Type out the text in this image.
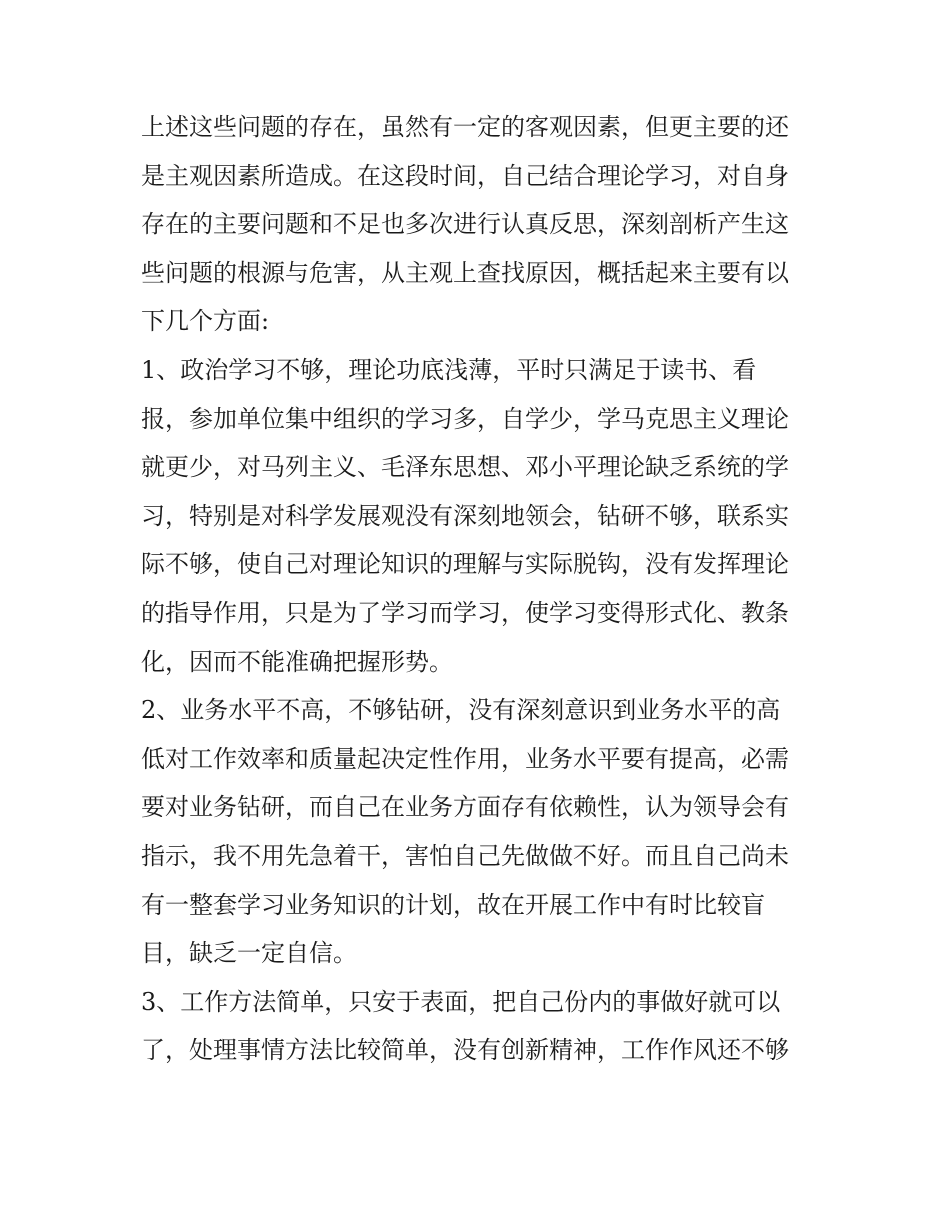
上述这些问题的存在，虽然有一定的客观因素，但更主要的还
是主观因素所造成。在这段时间，自己结合理论学习，对自身
存在的主要问题和不足也多次进行认真反思，深刻剖析产生这
些问题的根源与危害，从主观上查找原因，概括起来主要有以
下几个方面:
1、政治学习不够，理论功底浅薄，平时只满足于读书、看
报，参加单位集中组织的学习多，自学少，学马克思主义理论
就更少，对马列主义、毛泽东思想、邓小平理论缺乏系统的学
习，特别是对科学发展观没有深刻地领会，钻研不够，联系实
际不够，使自己对理论知识的理解与实际脱钩，没有发挥理论
的指导作用，只是为了学习而学习，使学习变得形式化、教条
化，因而不能准确把握形势。
2、业务水平不高，不够钻研，没有深刻意识到业务水平的高
低对工作效率和质量起决定性作用，业务水平要有提高，必需
要对业务钻研，而自己在业务方面存有依赖性，认为领导会有
指示，我不用先急着干，害怕自己先做做不好。而且自己尚未
有一整套学习业务知识的计划，故在开展工作中有时比较盲
目，缺乏一定自信。
3、工作方法简单，只安于表面，把自己份内的事做好就可以
了，处理事情方法比较简单，没有创新精神，工作作风还不够
